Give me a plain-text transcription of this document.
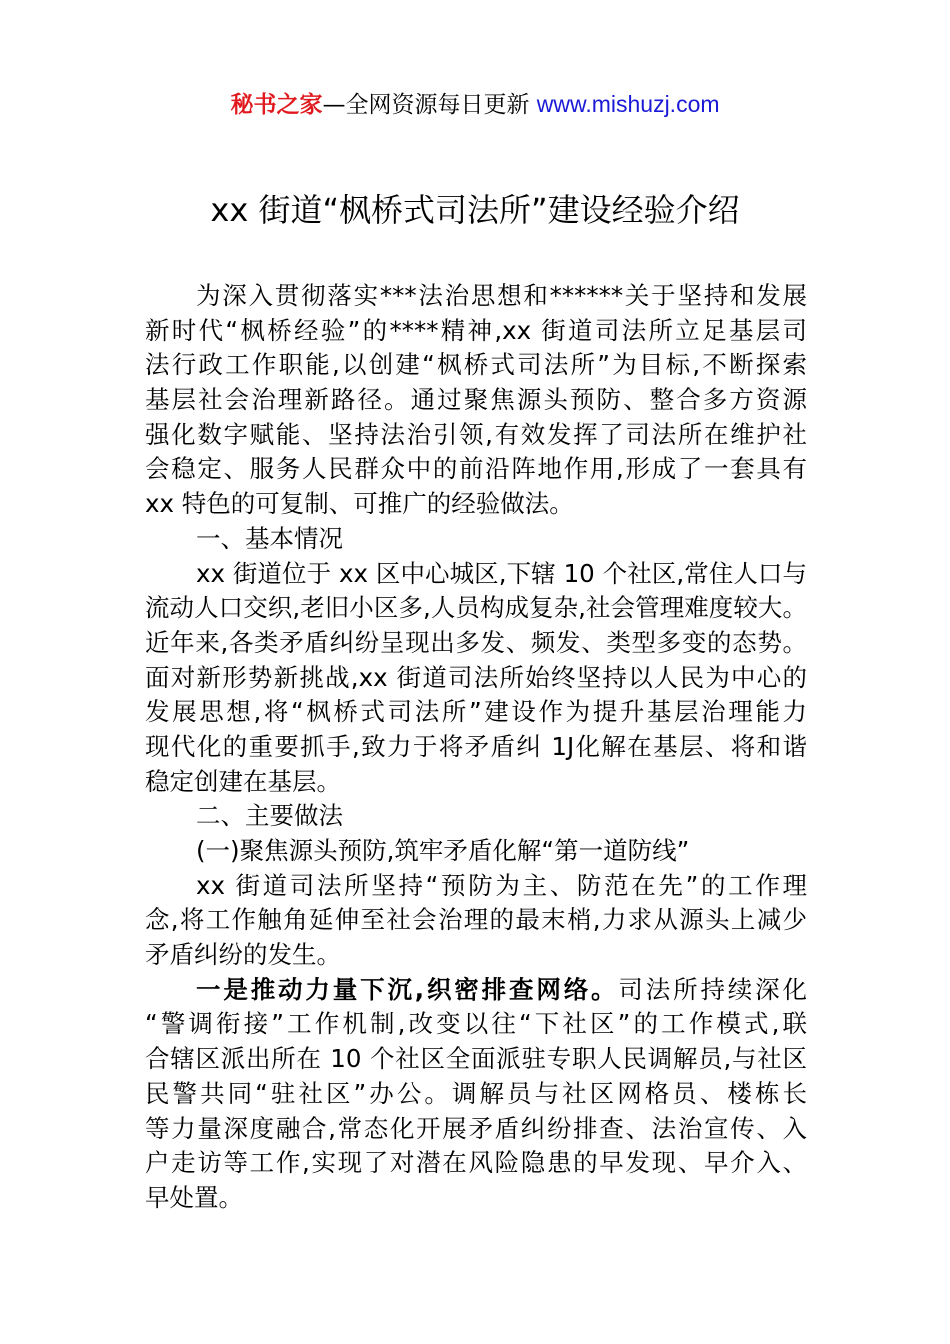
秘书之家—全网资源每日更新 www.mishuzj.com
xx 街道“枫桥式司法所”建设经验介绍
为深入贯彻落实***法治思想和******关于坚持和发展
新时代“枫桥经验”的****精神,xx 街道司法所立足基层司
法行政工作职能,以创建“枫桥式司法所”为目标,不断探索
基层社会治理新路径。通过聚焦源头预防、整合多方资源
强化数字赋能、坚持法治引领,有效发挥了司法所在维护社
会稳定、服务人民群众中的前沿阵地作用,形成了一套具有
xx 特色的可复制、可推广的经验做法。
一、基本情况
xx 街道位于 xx 区中心城区,下辖 10 个社区,常住人口与
流动人口交织,老旧小区多,人员构成复杂,社会管理难度较大。
近年来,各类矛盾纠纷呈现出多发、频发、类型多变的态势。
面对新形势新挑战,xx 街道司法所始终坚持以人民为中心的
发展思想,将“枫桥式司法所”建设作为提升基层治理能力
现代化的重要抓手,致力于将矛盾纠 1J化解在基层、将和谐
稳定创建在基层。
二、主要做法
(一)聚焦源头预防,筑牢矛盾化解“第一道防线”
xx 街道司法所坚持“预防为主、防范在先”的工作理
念,将工作触角延伸至社会治理的最末梢,力求从源头上减少
矛盾纠纷的发生。
一是推动力量下沉,织密排查网络。司法所持续深化
“警调衔接”工作机制,改变以往“下社区”的工作模式,联
合辖区派出所在 10 个社区全面派驻专职人民调解员,与社区
民警共同“驻社区”办公。调解员与社区网格员、楼栋长
等力量深度融合,常态化开展矛盾纠纷排查、法治宣传、入
户走访等工作,实现了对潜在风险隐患的早发现、早介入、
早处置。
